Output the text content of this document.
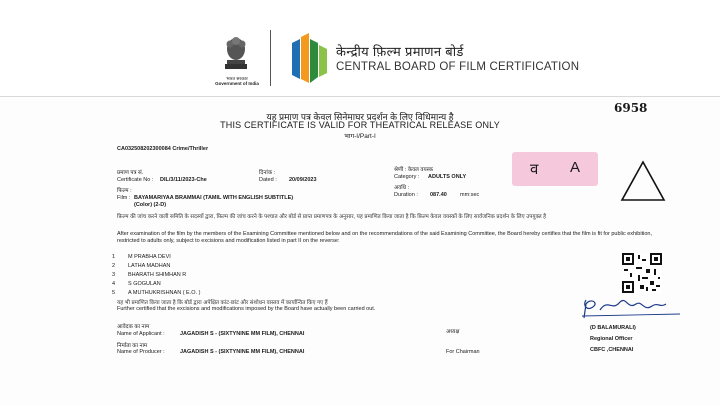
भारत सरकार
Government of India
केन्द्रीय फ़िल्म प्रमाणन बोर्ड
CENTRAL BOARD OF FILM CERTIFICATION
6958
यह प्रमाण पत्र केवल सिनेमाघर प्रदर्शन के लिए विधिमान्य है
THIS CERTIFICATE IS VALID FOR THEATRICAL RELEASE ONLY
भाग-I/Part-I
CA032508202300084 Crime/Thriller
प्रमाण पत्र सं.
Certificate No : DIL/3/11/2023-Che
दिनांक :
Dated : 20/09/2023
फिल्म :
Film : BAYAMARIYAA BRAMMAI (TAMIL WITH ENGLISH SUBTITLE)
(Color) (2-D)
श्रेणी : केवल वयस्क
Category : ADULTS ONLY
अवधि :
Duration : 087.40 mm:sec
व A
फ़िल्म की जांच करने वाली समिति के सदस्यों द्वारा, फ़िल्म की जांच करने के पश्चात और बोर्ड से प्राप्त प्रमाणपत्र के अनुसार, यह प्रमाणित किया जाता है कि फ़िल्म केवल वयस्कों के लिए सार्वजनिक प्रदर्शन के लिए उपयुक्त है
After examination of the film by the members of the Examining Committee mentioned below and on the recommendations of the said Examining Committee, the Board hereby certifies that the film is fit for public exhibition, restricted to adults only, subject to excisions and modification listed in part II on the reverse:
1 M PRABHA DEVI
2 LATHA MADHAN
3 BHARATH SHIMHAN R
4 S GOGULAN
5 A MUTHUKRISHNAN ( E.O. )
यह भी प्रमाणित किया जाता है कि बोर्ड द्वारा अपेक्षित कांट-छांट और संशोधन वास्तव में कार्यान्वित किए गए हैं
Further certified that the excisions and modifications imposed by the Board have actually been carried out.
(D BALAMURALI)
Regional Officer
CBFC ,CHENNAI
आवेदक का नाम
Name of Applicant :	JAGADISH S - (SIXTYNINE MM FILM), CHENNAI
निर्माता का नाम
Name of Producer :	JAGADISH S - (SIXTYNINE MM FILM), CHENNAI
अध्यक्ष
For Chairman
